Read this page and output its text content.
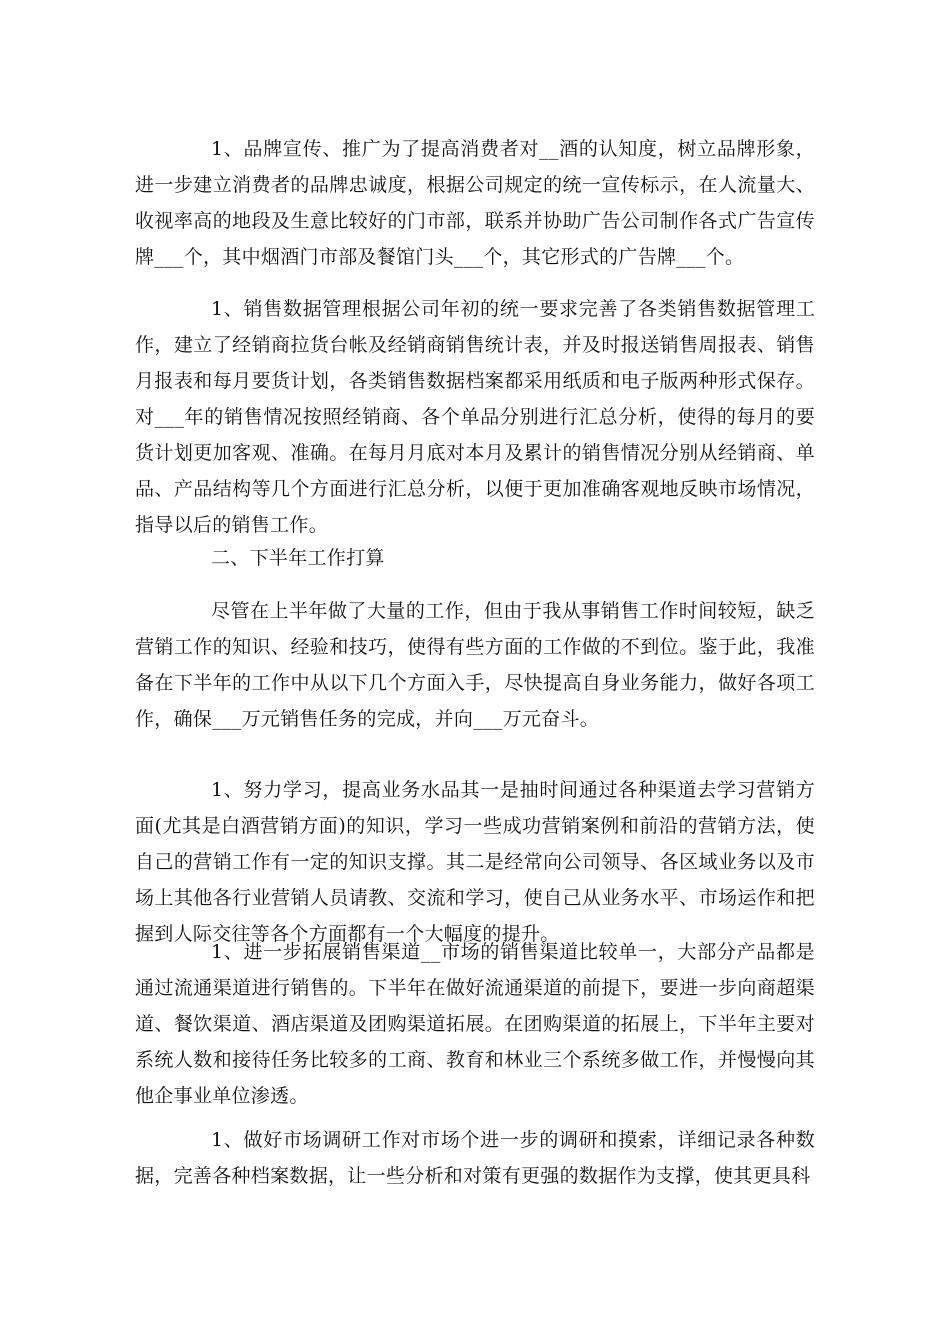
1、品牌宣传、推广为了提高消费者对__酒的认知度，树立品牌形象，进一步建立消费者的品牌忠诚度，根据公司规定的统一宣传标示，在人流量大、收视率高的地段及生意比较好的门市部，联系并协助广告公司制作各式广告宣传牌___个，其中烟酒门市部及餐馆门头___个，其它形式的广告牌___个。

1、销售数据管理根据公司年初的统一要求完善了各类销售数据管理工作，建立了经销商拉货台帐及经销商销售统计表，并及时报送销售周报表、销售月报表和每月要货计划，各类销售数据档案都采用纸质和电子版两种形式保存。对___年的销售情况按照经销商、各个单品分别进行汇总分析，使得的每月的要货计划更加客观、准确。在每月月底对本月及累计的销售情况分别从经销商、单品、产品结构等几个方面进行汇总分析，以便于更加准确客观地反映市场情况，指导以后的销售工作。

二、下半年工作打算

尽管在上半年做了大量的工作，但由于我从事销售工作时间较短，缺乏营销工作的知识、经验和技巧，使得有些方面的工作做的不到位。鉴于此，我准备在下半年的工作中从以下几个方面入手，尽快提高自身业务能力，做好各项工作，确保___万元销售任务的完成，并向___万元奋斗。

1、努力学习，提高业务水品其一是抽时间通过各种渠道去学习营销方面(尤其是白酒营销方面)的知识，学习一些成功营销案例和前沿的营销方法，使自己的营销工作有一定的知识支撑。其二是经常向公司领导、各区域业务以及市场上其他各行业营销人员请教、交流和学习，使自己从业务水平、市场运作和把握到人际交往等各个方面都有一个大幅度的提升。

1、进一步拓展销售渠道__市场的销售渠道比较单一，大部分产品都是通过流通渠道进行销售的。下半年在做好流通渠道的前提下，要进一步向商超渠道、餐饮渠道、酒店渠道及团购渠道拓展。在团购渠道的拓展上，下半年主要对系统人数和接待任务比较多的工商、教育和林业三个系统多做工作，并慢慢向其他企事业单位渗透。

1、做好市场调研工作对市场个进一步的调研和摸索，详细记录各种数据，完善各种档案数据，让一些分析和对策有更强的数据作为支撑，使其更具科
